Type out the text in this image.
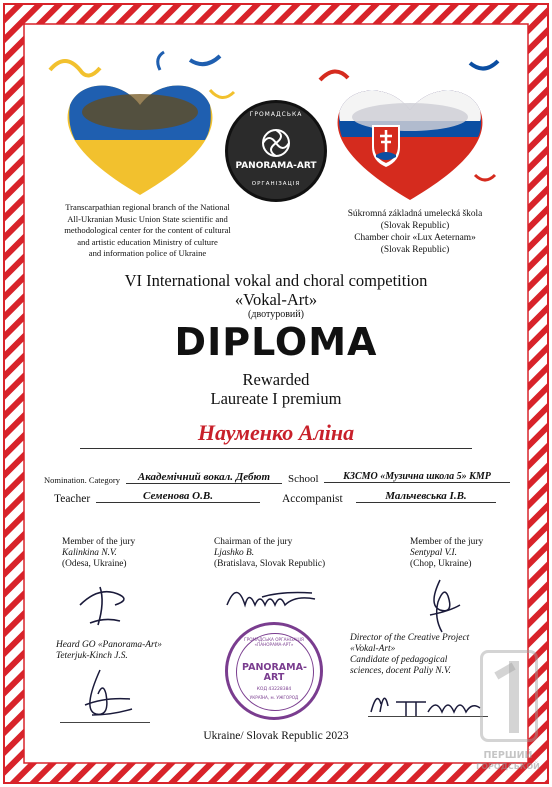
ГРОМАДСЬКА
PANORAMA-ART
ОРГАНІЗАЦІЯ
Transcarpathian regional branch of the National
All-Ukranian Music Union State scientific and
methodological center for the content of cultural
and artistic education Ministry of culture
and information police of Ukraine
Súkromná základná umelecká škola
(Slovak Republic)
Chamber choir «Lux Aeternam»
(Slovak Republic)
VI International vokal and choral competition
«Vokal-Art»
(двотуровий)
DIPLOMA
Rewarded
Laureate I premium
Науменко Аліна
Nomination. Category	Академічний вокал. Дебют	School	КЗСМО «Музична школа 5» КМР
Teacher	Семенова О.В.	Accompanist	Мальчевська І.В.
Member of the jury
Kalinkina N.V.
(Odesa, Ukraine)
Chairman of the jury
Ljashko B.
(Bratislava, Slovak Republic)
Member of the jury
Sentypal V.I.
(Chop, Ukraine)
Heard GO «Panorama-Art»
Teterjuk-Kinch J.S.
Director of the Creative Project
«Vokal-Art»
Candidate of pedagogical
sciences, docent Paliy N.V.
ГРОМАДСЬКА ОРГАНІЗАЦІЯ «ПАНОРАМА-АРТ»
PANORAMA-ART
КОД 43228384
УКРАЇНА, м. УЖГОРОД
Ukraine/ Slovak Republic 2023
ПЕРШИЙ
ГОРОДСЬКОЙ
